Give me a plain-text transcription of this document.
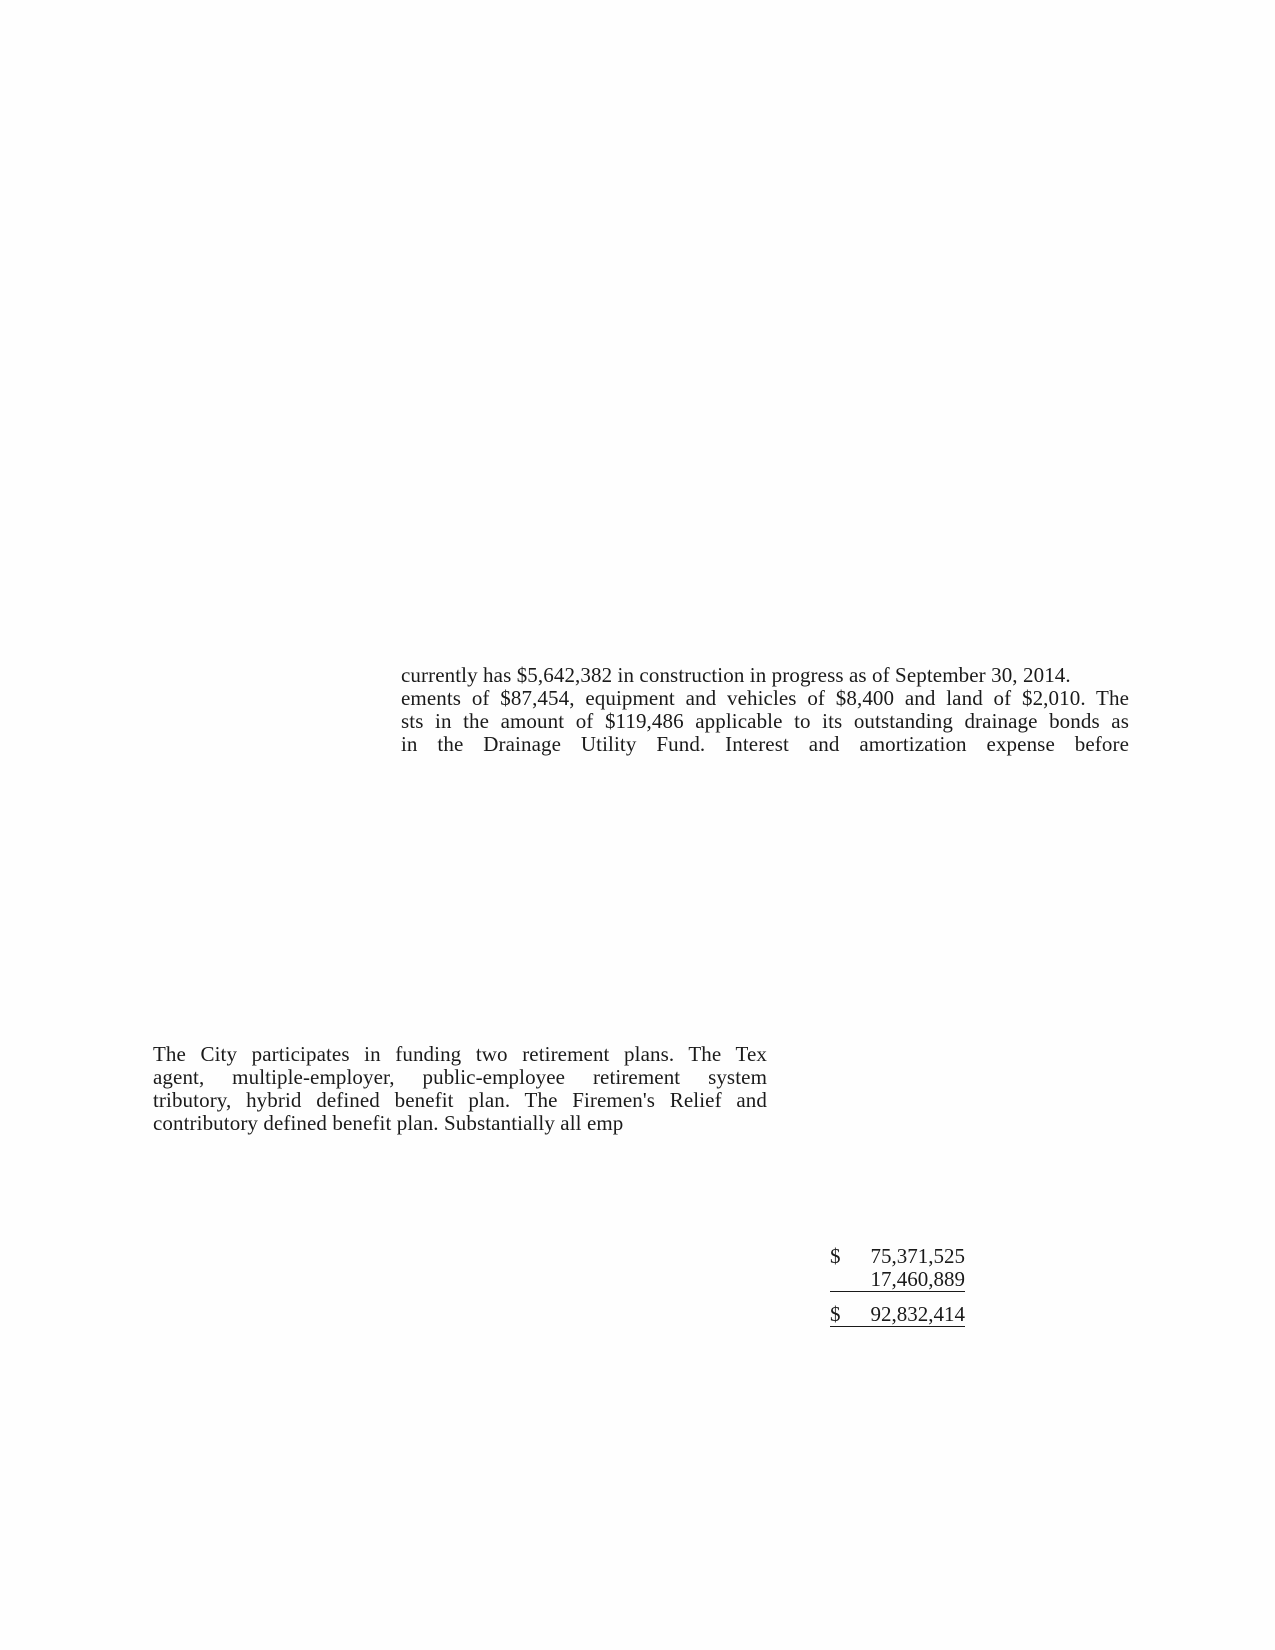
currently has $5,642,382 in construction in progress as of September 30, 2014.
ements of $87,454, equipment and vehicles of $8,400 and land of $2,010. The
sts in the amount of $119,486 applicable to its outstanding drainage bonds as
in the Drainage Utility Fund. Interest and amortization expense before
The City participates in funding two retirement plans. The Tex
agent, multiple-employer, public-employee retirement system
tributory, hybrid defined benefit plan. The Firemen's Relief and
contributory defined benefit plan. Substantially all emp
$ 75,371,525
17,460,889
$ 92,832,414
